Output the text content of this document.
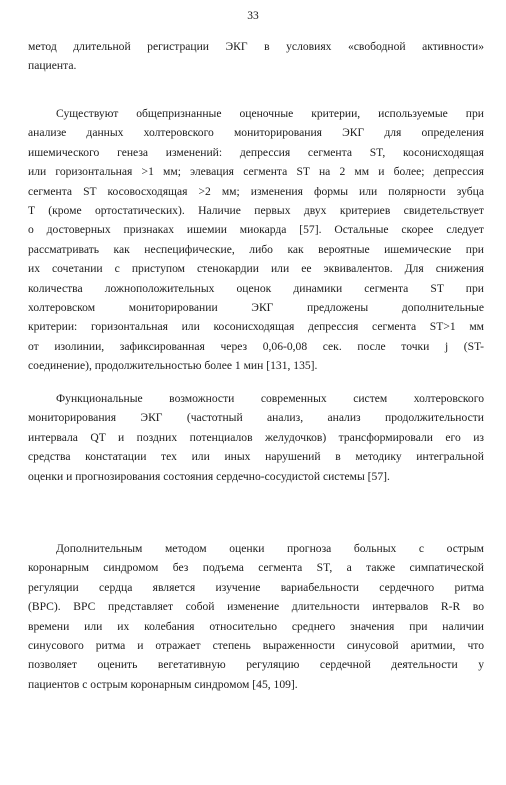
33
метод длительной регистрации ЭКГ в условиях «свободной активности»
пациента.
Существуют общепризнанные оценочные критерии, используемые при
анализе данных холтеровского мониторирования ЭКГ для определения
ишемического генеза изменений: депрессия сегмента ST, косонисходящая
или горизонтальная >1 мм; элевация сегмента ST на 2 мм и более; депрессия
сегмента ST косовосходящая >2 мм; изменения формы или полярности зубца
T (кроме ортостатических). Наличие первых двух критериев свидетельствует
о достоверных признаках ишемии миокарда [57]. Остальные скорее следует
рассматривать как неспецифические, либо как вероятные ишемические при
их сочетании с приступом стенокардии или ее эквивалентов. Для снижения
количества ложноположительных оценок динамики сегмента ST при
холтеровском мониторировании ЭКГ предложены дополнительные
критерии: горизонтальная или косонисходящая депрессия сегмента ST>1 мм
от изолинии, зафиксированная через 0,06-0,08 сек. после точки j (ST-
соединение), продолжительностью более 1 мин [131, 135].
Функциональные возможности современных систем холтеровского
мониторирования ЭКГ (частотный анализ, анализ продолжительности
интервала QT и поздних потенциалов желудочков) трансформировали его из
средства констатации тех или иных нарушений в методику интегральной
оценки и прогнозирования состояния сердечно-сосудистой системы [57].
Дополнительным методом оценки прогноза больных с острым
коронарным синдромом без подъема сегмента ST, а также симпатической
регуляции сердца является изучение вариабельности сердечного ритма
(ВРС). ВРС представляет собой изменение длительности интервалов R-R во
времени или их колебания относительно среднего значения при наличии
синусового ритма и отражает степень выраженности синусовой аритмии, что
позволяет оценить вегетативную регуляцию сердечной деятельности у
пациентов с острым коронарным синдромом [45, 109].
